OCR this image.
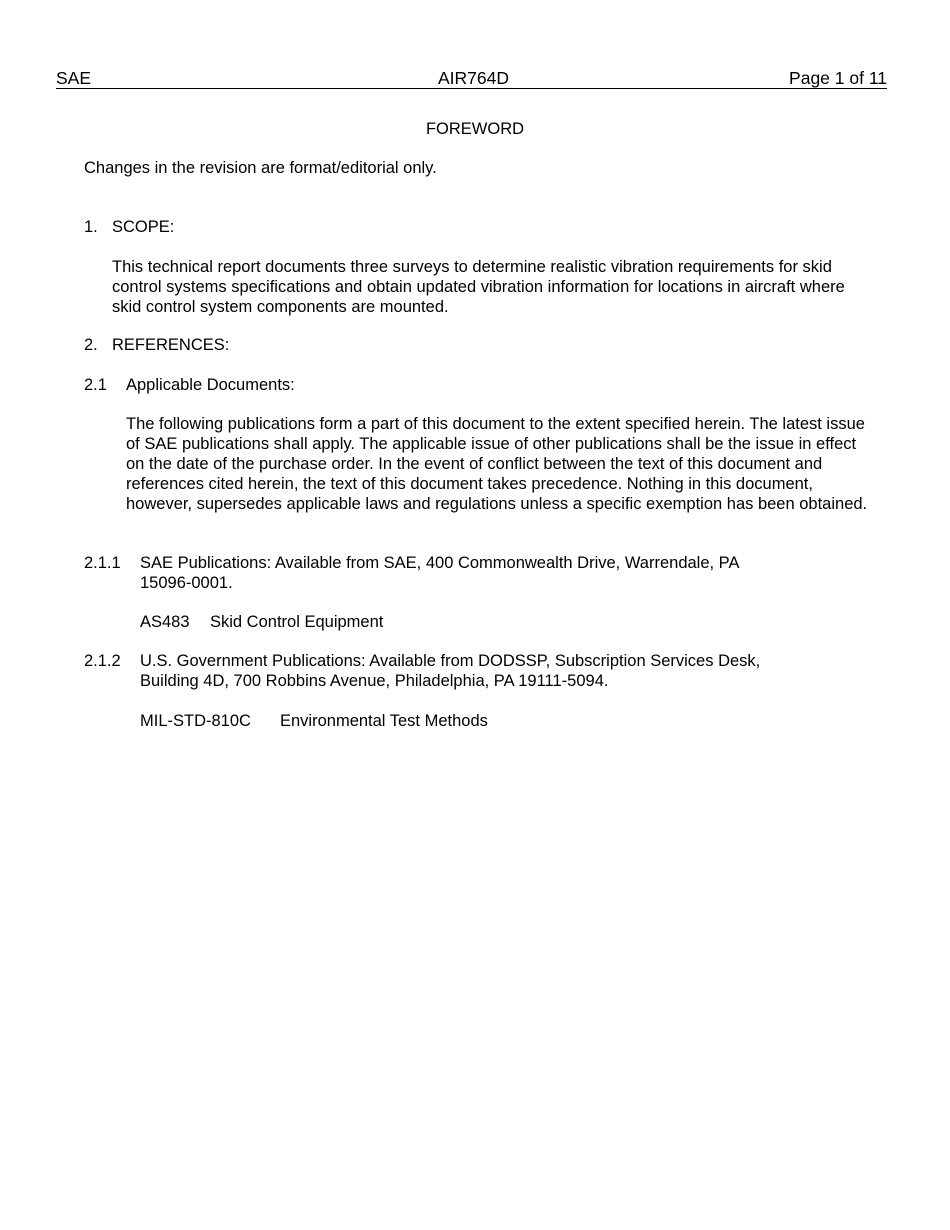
SAE	AIR764D	Page 1 of 11
FOREWORD
Changes in the revision are format/editorial only.
1. SCOPE:
This technical report documents three surveys to determine realistic vibration requirements for skid control systems specifications and obtain updated vibration information for locations in aircraft where skid control system components are mounted.
2. REFERENCES:
2.1 Applicable Documents:
The following publications form a part of this document to the extent specified herein. The latest issue of SAE publications shall apply. The applicable issue of other publications shall be the issue in effect on the date of the purchase order. In the event of conflict between the text of this document and references cited herein, the text of this document takes precedence. Nothing in this document, however, supersedes applicable laws and regulations unless a specific exemption has been obtained.
2.1.1 SAE Publications: Available from SAE, 400 Commonwealth Drive, Warrendale, PA 15096-0001.
AS483 Skid Control Equipment
2.1.2 U.S. Government Publications: Available from DODSSP, Subscription Services Desk, Building 4D, 700 Robbins Avenue, Philadelphia, PA 19111-5094.
MIL-STD-810C Environmental Test Methods
